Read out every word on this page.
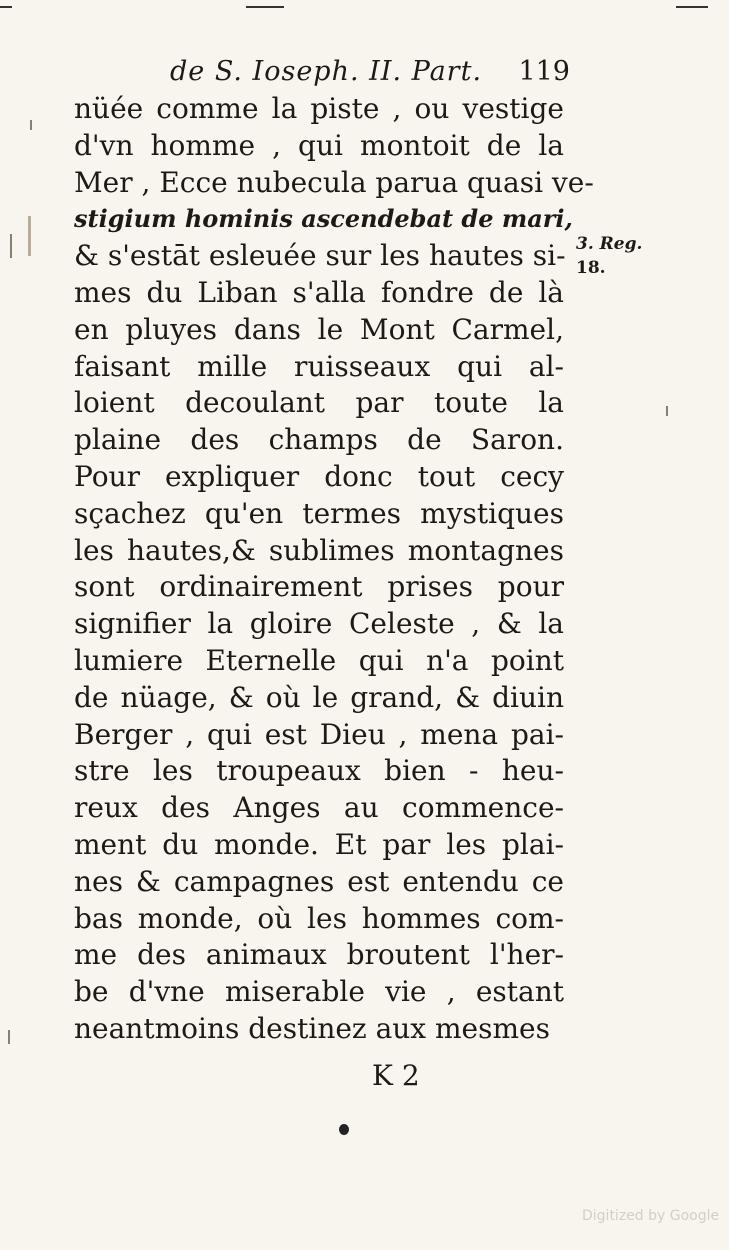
de S. Ioseph. II. Part. 119
nüée comme la piste , ou vestige
d'vn homme , qui montoit de la
Mer , Ecce nubecula parua quasi ve-
stigium hominis ascendebat de mari,
& s'estāt esleuée sur les hautes si-
mes du Liban s'alla fondre de là
en pluyes dans le Mont Carmel,
faisant mille ruisseaux qui al-
loient decoulant par toute la
plaine des champs de Saron.
Pour expliquer donc tout cecy
sçachez qu'en termes mystiques
les hautes,& sublimes montagnes
sont ordinairement prises pour
signifier la gloire Celeste , & la
lumiere Eternelle qui n'a point
de nüage, & où le grand, & diuin
Berger , qui est Dieu , mena pai-
stre les troupeaux bien - heu-
reux des Anges au commence-
ment du monde. Et par les plai-
nes & campagnes est entendu ce
bas monde, où les hommes com-
me des animaux broutent l'her-
be d'vne miserable vie , estant
neantmoins destinez aux mesmes
3. Reg.
18.
K 2
Digitized by Google
